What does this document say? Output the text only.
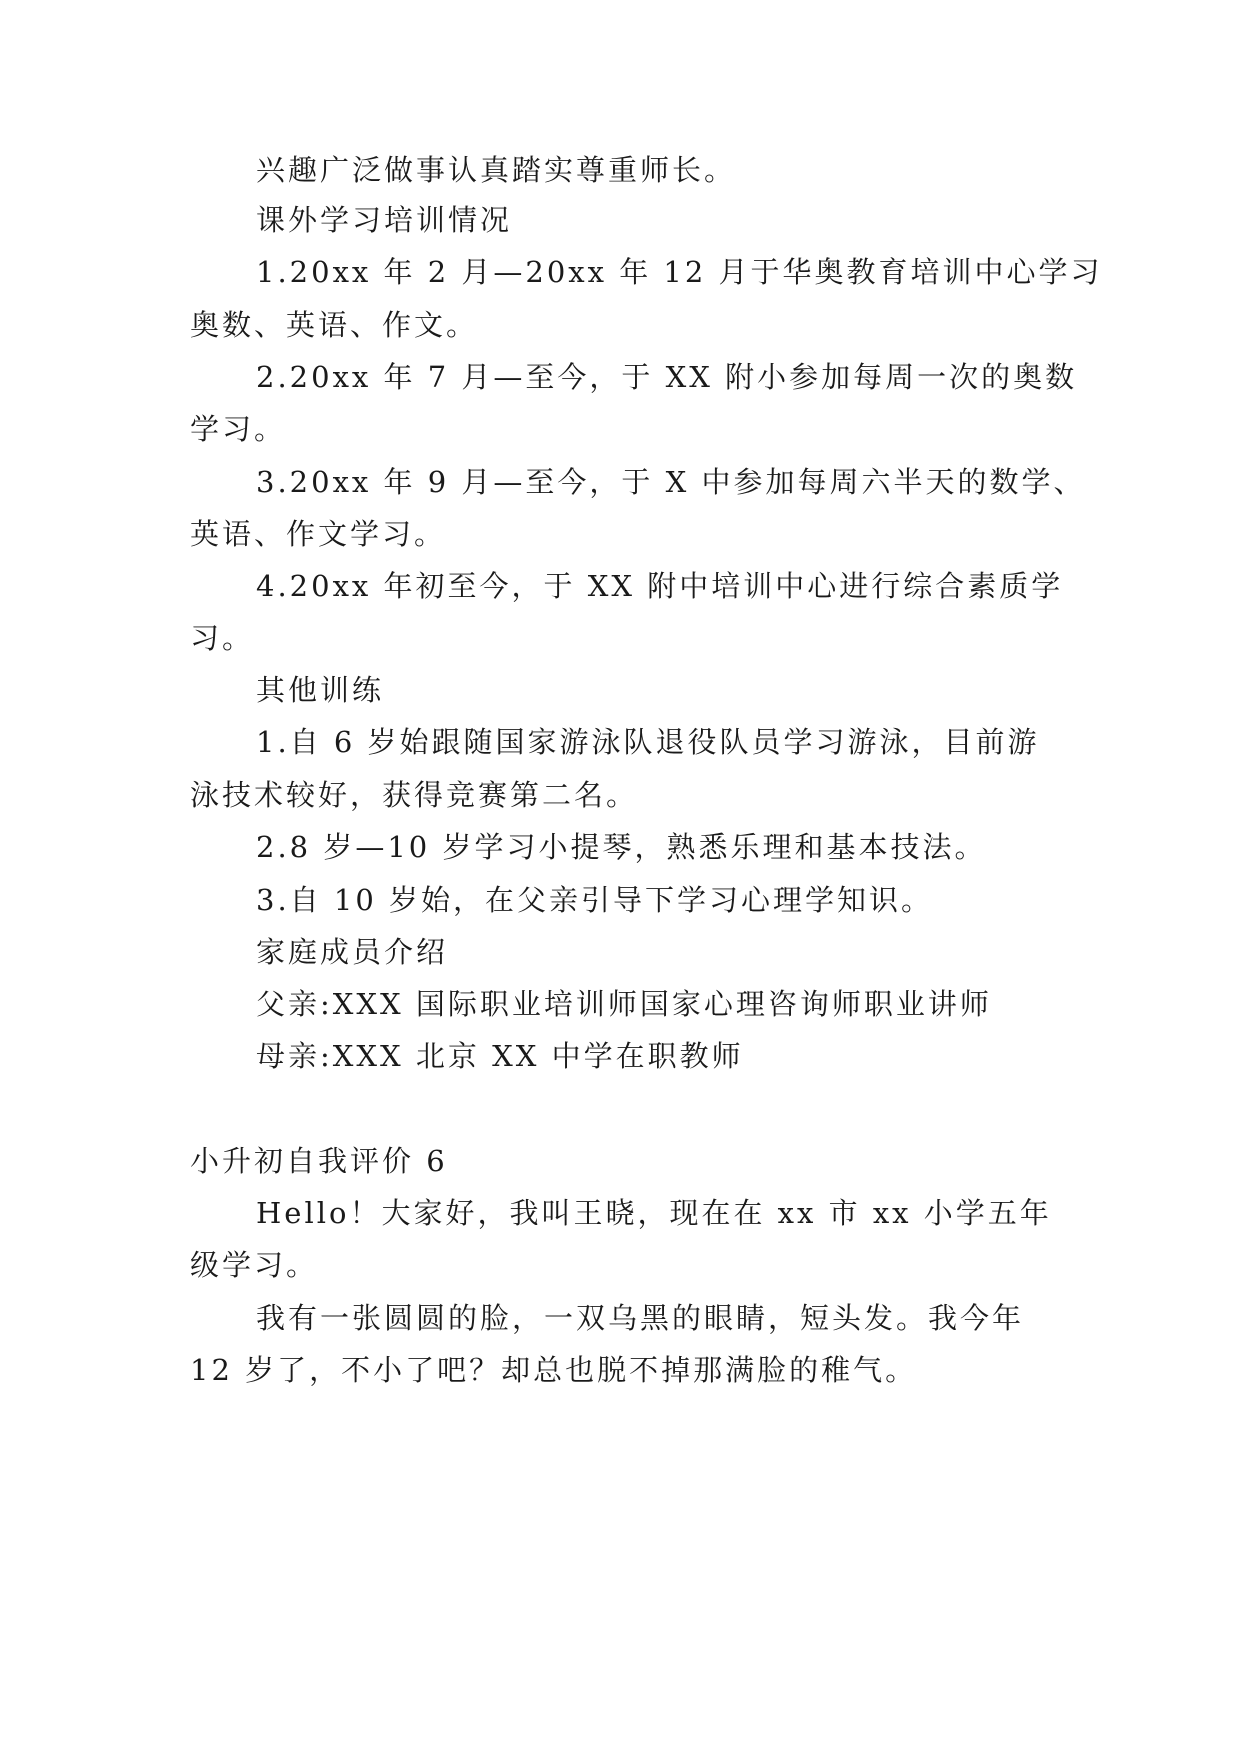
兴趣广泛做事认真踏实尊重师长。

课外学习培训情况

1.20xx 年 2 月—20xx 年 12 月于华奥教育培训中心学习

奥数、英语、作文。

2.20xx 年 7 月—至今，于 XX 附小参加每周一次的奥数

学习。

3.20xx 年 9 月—至今，于 X 中参加每周六半天的数学、

英语、作文学习。

4.20xx 年初至今，于 XX 附中培训中心进行综合素质学

习。

其他训练

1.自 6 岁始跟随国家游泳队退役队员学习游泳，目前游

泳技术较好，获得竞赛第二名。

2.8 岁—10 岁学习小提琴，熟悉乐理和基本技法。

3.自 10 岁始，在父亲引导下学习心理学知识。

家庭成员介绍

父亲:XXX 国际职业培训师国家心理咨询师职业讲师

母亲:XXX 北京 XX 中学在职教师

小升初自我评价 6

Hello！大家好，我叫王晓，现在在 xx 市 xx 小学五年

级学习。

我有一张圆圆的脸，一双乌黑的眼睛，短头发。我今年

12 岁了，不小了吧？却总也脱不掉那满脸的稚气。
